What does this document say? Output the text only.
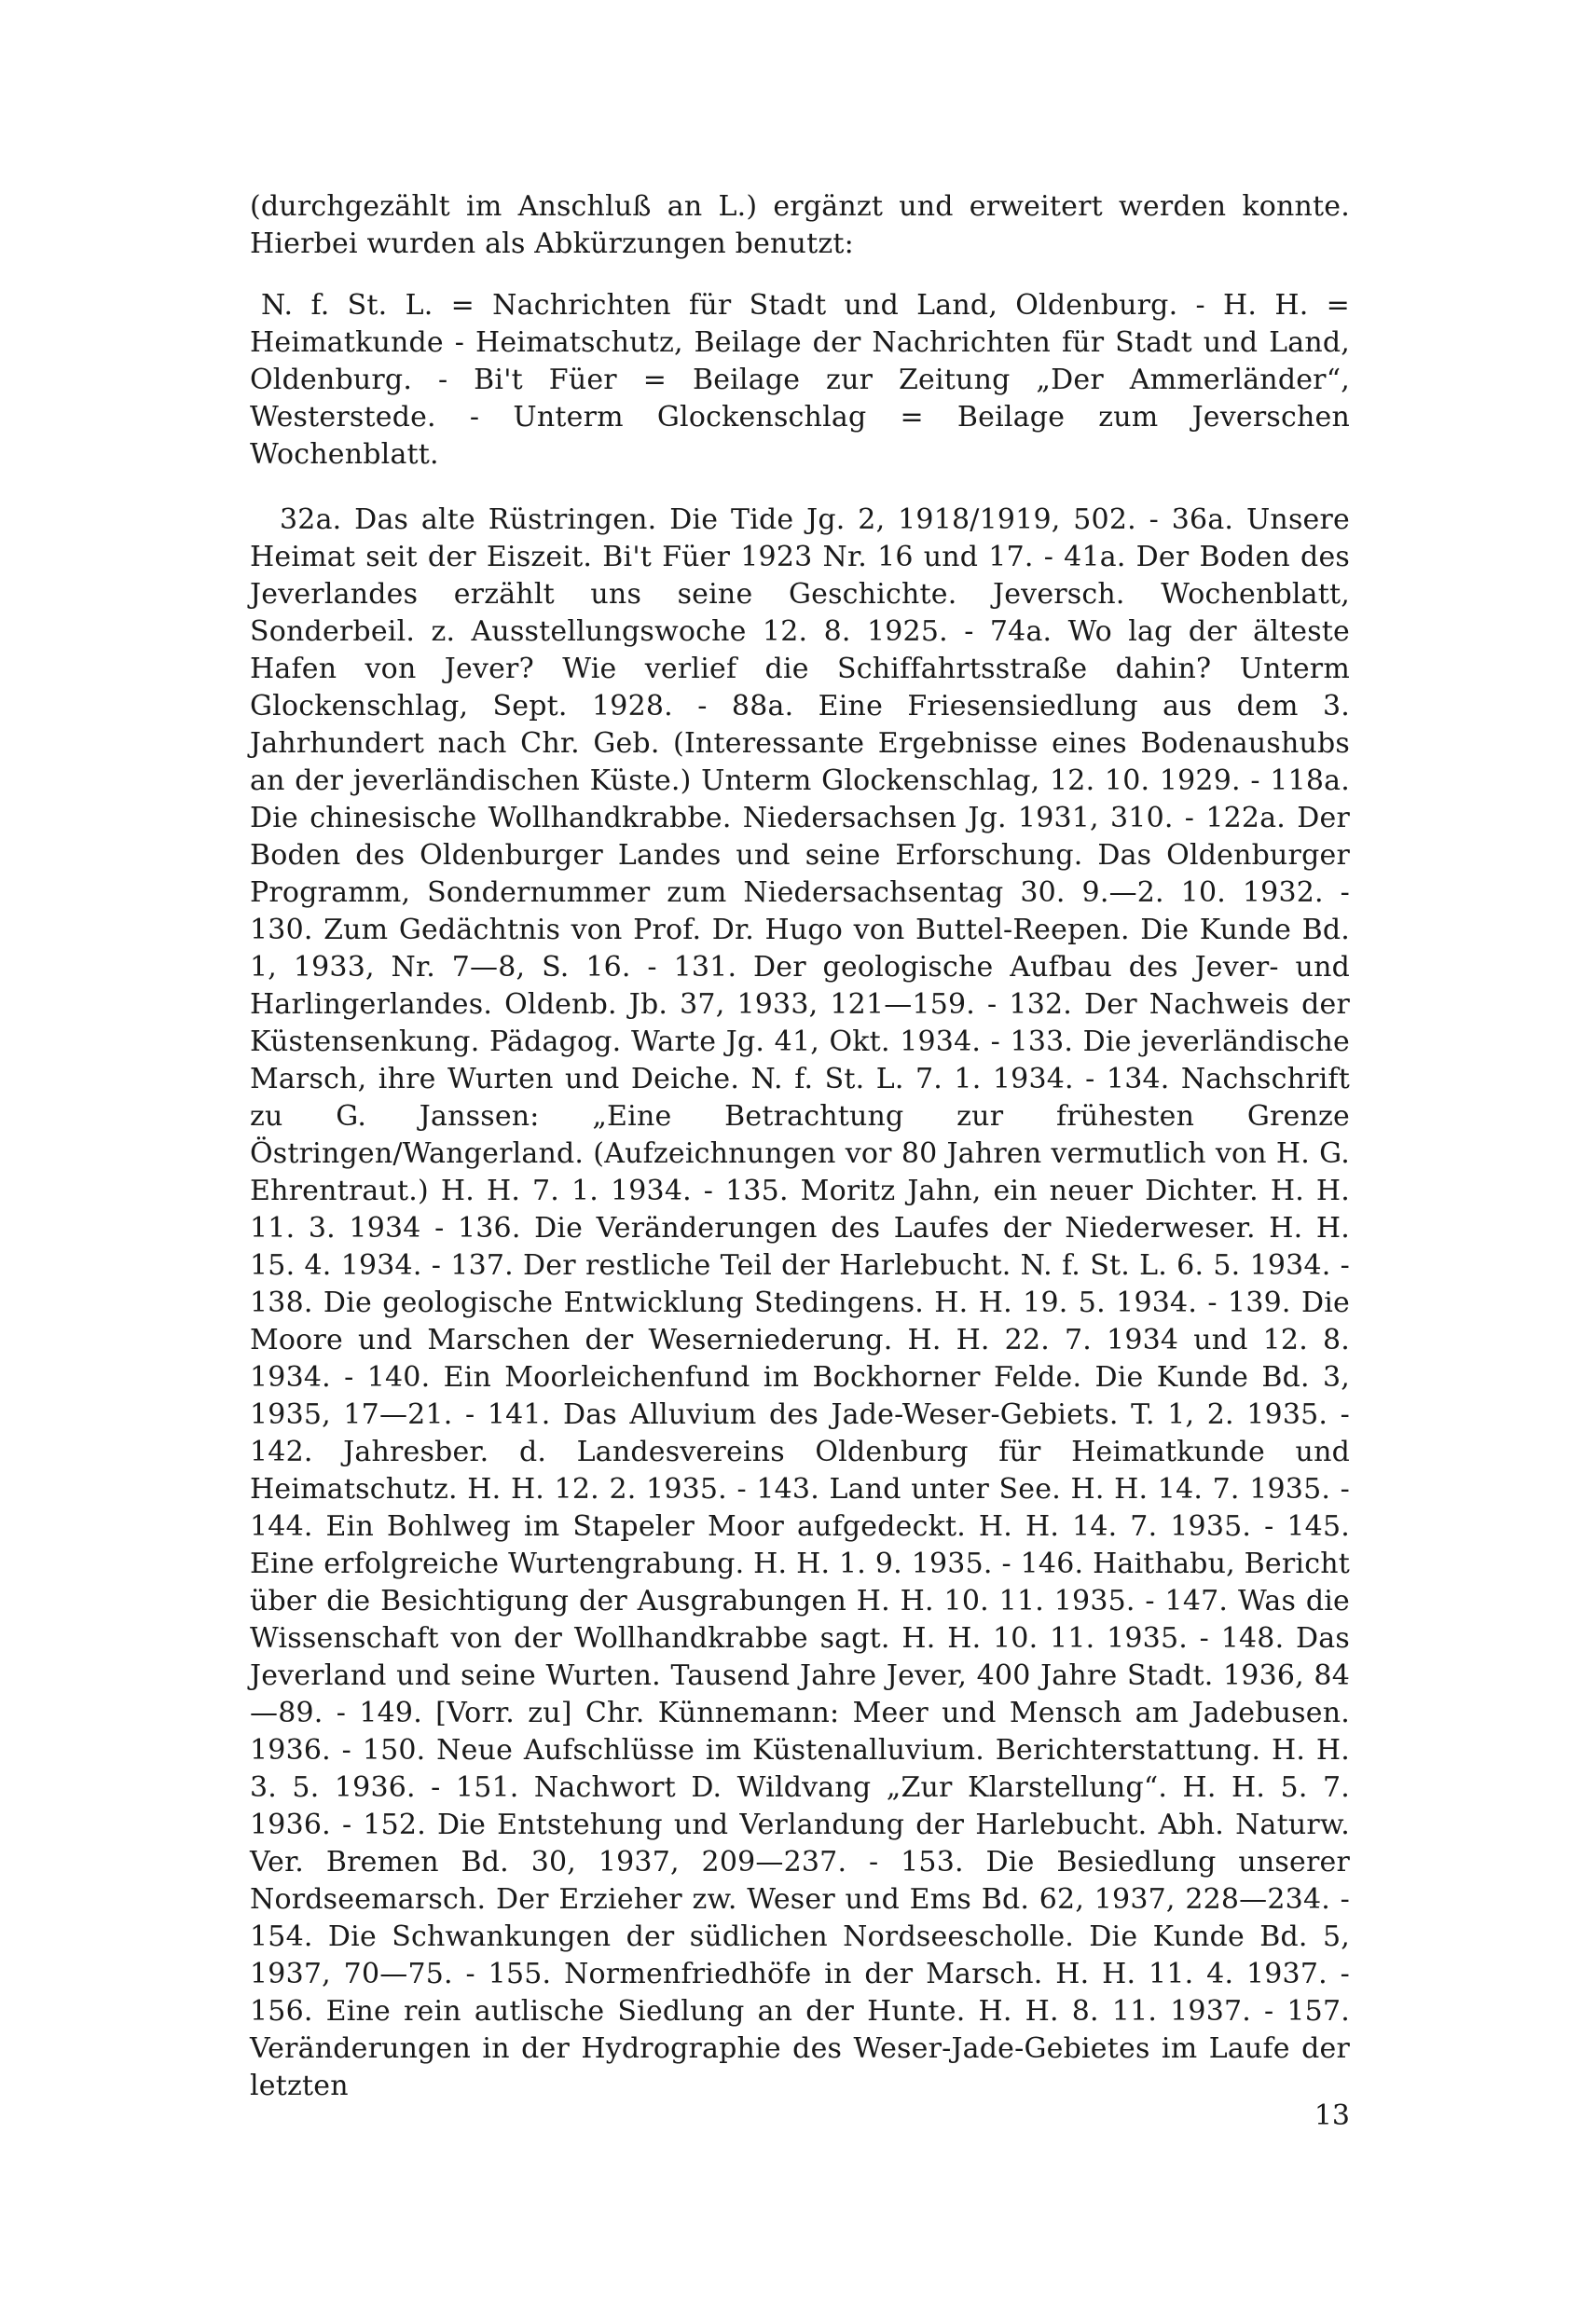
(durchgezählt im Anschluß an L.) ergänzt und erweitert werden konnte. Hierbei wurden als Abkürzungen benutzt:

N. f. St. L. = Nachrichten für Stadt und Land, Oldenburg. - H. H. = Heimatkunde - Heimatschutz, Beilage der Nachrichten für Stadt und Land, Oldenburg. - Bi't Füer = Beilage zur Zeitung „Der Ammerländer“, Westerstede. - Unterm Glockenschlag = Beilage zum Jeverschen Wochenblatt.

32a. Das alte Rüstringen. Die Tide Jg. 2, 1918/1919, 502. - 36a. Unsere Heimat seit der Eiszeit. Bi't Füer 1923 Nr. 16 und 17. - 41a. Der Boden des Jeverlandes erzählt uns seine Geschichte. Jeversch. Wochenblatt, Sonderbeil. z. Ausstellungswoche 12. 8. 1925. - 74a. Wo lag der älteste Hafen von Jever? Wie verlief die Schiffahrtsstraße dahin? Unterm Glockenschlag, Sept. 1928. - 88a. Eine Friesensiedlung aus dem 3. Jahrhundert nach Chr. Geb. (Interessante Ergebnisse eines Bodenaushubs an der jeverländischen Küste.) Unterm Glockenschlag, 12. 10. 1929. - 118a. Die chinesische Wollhandkrabbe. Niedersachsen Jg. 1931, 310. - 122a. Der Boden des Oldenburger Landes und seine Erforschung. Das Oldenburger Programm, Sondernummer zum Niedersachsentag 30. 9.—2. 10. 1932. - 130. Zum Gedächtnis von Prof. Dr. Hugo von Buttel-Reepen. Die Kunde Bd. 1, 1933, Nr. 7—8, S. 16. - 131. Der geologische Aufbau des Jever- und Harlingerlandes. Oldenb. Jb. 37, 1933, 121—159. - 132. Der Nachweis der Küstensenkung. Pädagog. Warte Jg. 41, Okt. 1934. - 133. Die jeverländische Marsch, ihre Wurten und Deiche. N. f. St. L. 7. 1. 1934. - 134. Nachschrift zu G. Janssen: „Eine Betrachtung zur frühesten Grenze Östringen/Wangerland. (Aufzeichnungen vor 80 Jahren vermutlich von H. G. Ehrentraut.) H. H. 7. 1. 1934. - 135. Moritz Jahn, ein neuer Dichter. H. H. 11. 3. 1934 - 136. Die Veränderungen des Laufes der Niederweser. H. H. 15. 4. 1934. - 137. Der restliche Teil der Harlebucht. N. f. St. L. 6. 5. 1934. - 138. Die geologische Entwicklung Stedingens. H. H. 19. 5. 1934. - 139. Die Moore und Marschen der Weserniederung. H. H. 22. 7. 1934 und 12. 8. 1934. - 140. Ein Moorleichenfund im Bockhorner Felde. Die Kunde Bd. 3, 1935, 17—21. - 141. Das Alluvium des Jade-Weser-Gebiets. T. 1, 2. 1935. - 142. Jahresber. d. Landesvereins Oldenburg für Heimatkunde und Heimatschutz. H. H. 12. 2. 1935. - 143. Land unter See. H. H. 14. 7. 1935. - 144. Ein Bohlweg im Stapeler Moor aufgedeckt. H. H. 14. 7. 1935. - 145. Eine erfolgreiche Wurtengrabung. H. H. 1. 9. 1935. - 146. Haithabu, Bericht über die Besichtigung der Ausgrabungen H. H. 10. 11. 1935. - 147. Was die Wissenschaft von der Wollhandkrabbe sagt. H. H. 10. 11. 1935. - 148. Das Jeverland und seine Wurten. Tausend Jahre Jever, 400 Jahre Stadt. 1936, 84—89. - 149. [Vorr. zu] Chr. Künnemann: Meer und Mensch am Jadebusen. 1936. - 150. Neue Aufschlüsse im Küstenalluvium. Berichterstattung. H. H. 3. 5. 1936. - 151. Nachwort D. Wildvang „Zur Klarstellung“. H. H. 5. 7. 1936. - 152. Die Entstehung und Verlandung der Harlebucht. Abh. Naturw. Ver. Bremen Bd. 30, 1937, 209—237. - 153. Die Besiedlung unserer Nordseemarsch. Der Erzieher zw. Weser und Ems Bd. 62, 1937, 228—234. - 154. Die Schwankungen der südlichen Nordseescholle. Die Kunde Bd. 5, 1937, 70—75. - 155. Normenfriedhöfe in der Marsch. H. H. 11. 4. 1937. - 156. Eine rein autlische Siedlung an der Hunte. H. H. 8. 11. 1937. - 157. Veränderungen in der Hydrographie des Weser-Jade-Gebietes im Laufe der letzten

13
